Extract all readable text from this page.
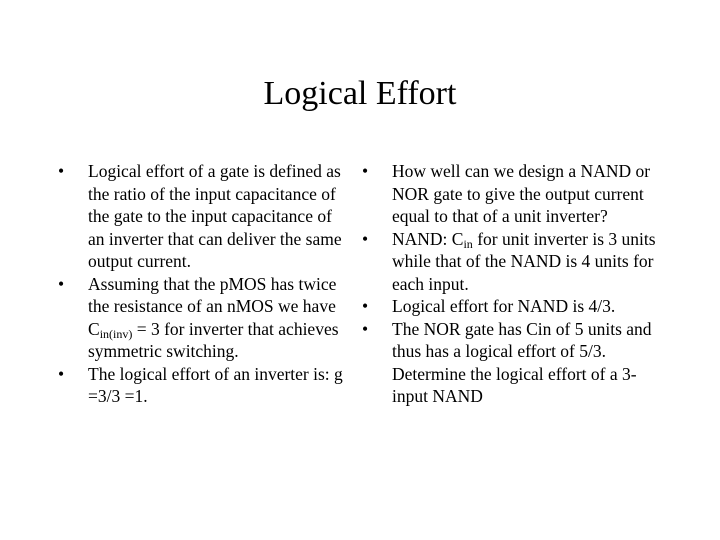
Logical Effort
•	Logical effort of a gate is defined as the ratio of the input capacitance of the gate to the input capacitance of an inverter that can deliver the same output current.
•	Assuming that the pMOS has twice the resistance of an nMOS we have $C_{in(inv)} = 3$ for inverter that achieves symmetric switching.
•	The logical effort of an inverter is: g =3/3 =1.
•	How well can we design a NAND or NOR gate to give the output current equal to that of a unit inverter?
•	NAND: $C_{in}$ for unit inverter is 3 units while that of the NAND is 4 units for each input.
•	Logical effort for NAND is 4/3.
•	The NOR gate has Cin of 5 units and thus has a logical effort of 5/3. Determine the logical effort of a 3-input NAND
